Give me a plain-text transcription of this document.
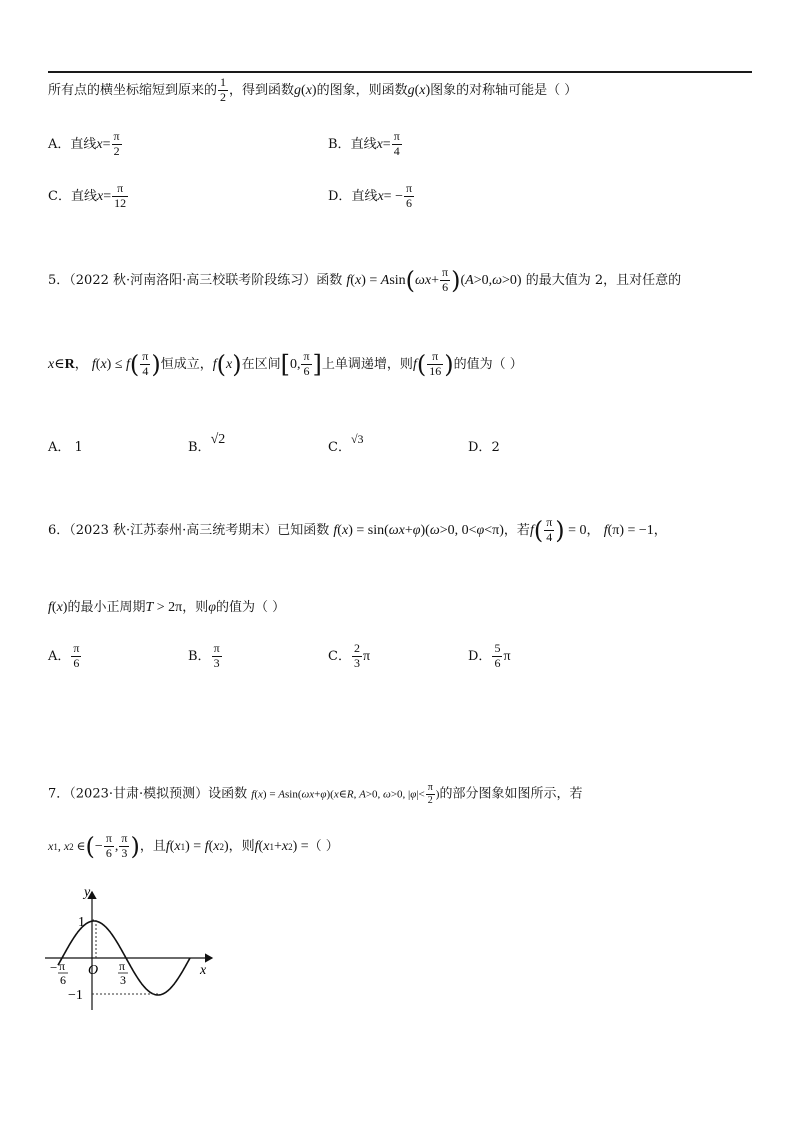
所有点的横坐标缩短到原来的 $\frac{1}{2}$ ，得到函数g(x)的图象，则函数g(x)图象的对称轴可能是（ ）
A．直线$x= \frac{\pi}{2}$	B．直线$x= \frac{\pi}{4}$
C．直线$x= \frac{\pi}{12}$	D．直线$x= - \frac{\pi}{6}$
5．（2022 秋·河南洛阳·高三校联考阶段练习）函数 $f(x) = Asin(\omega x+ \frac{\pi}{6} )(A>0,\omega>0)$ 的最大值为 2，且对任意的
x∈R， $f(x) \le f( \frac{\pi}{4}$ )恒成立，f(x)在区间[0, $\frac{\pi}{6}$ ]上单调递增，则$f( \frac{\pi}{16}$ )的值为（ ）
A． 1	B．√2
C．√3
D．2
6．（2023 秋·江苏泰州·高三统考期末）已知函数 f(x) = sin(ωx+φ)(ω>0, 0<φ<π)，若$f( \frac{\pi}{4}$ ) = 0， f(π) = −1，
f(x)的最小正周期T > 2π，则φ的值为（ ）
A． $\frac{\pi}{6}$	B． $\frac{\pi}{3}$	C． $\frac{2}{3}$ π	D． $\frac{5}{6}$ π
7．（2023·甘肃·模拟预测）设函数 f(x) = Asin(ωx+φ)(x∈R, A>0, ω>0, $|\varphi|< \frac{\pi}{2}$ )的部分图象如图所示，若
x1, x2 ∈(− $\frac{\pi}{6}$ , $\frac{\pi}{3}$ )，且f(x1) = f(x2)，则f(x1+x2) =（ ）
y
x
O
1
−1
− π
6
π
3
